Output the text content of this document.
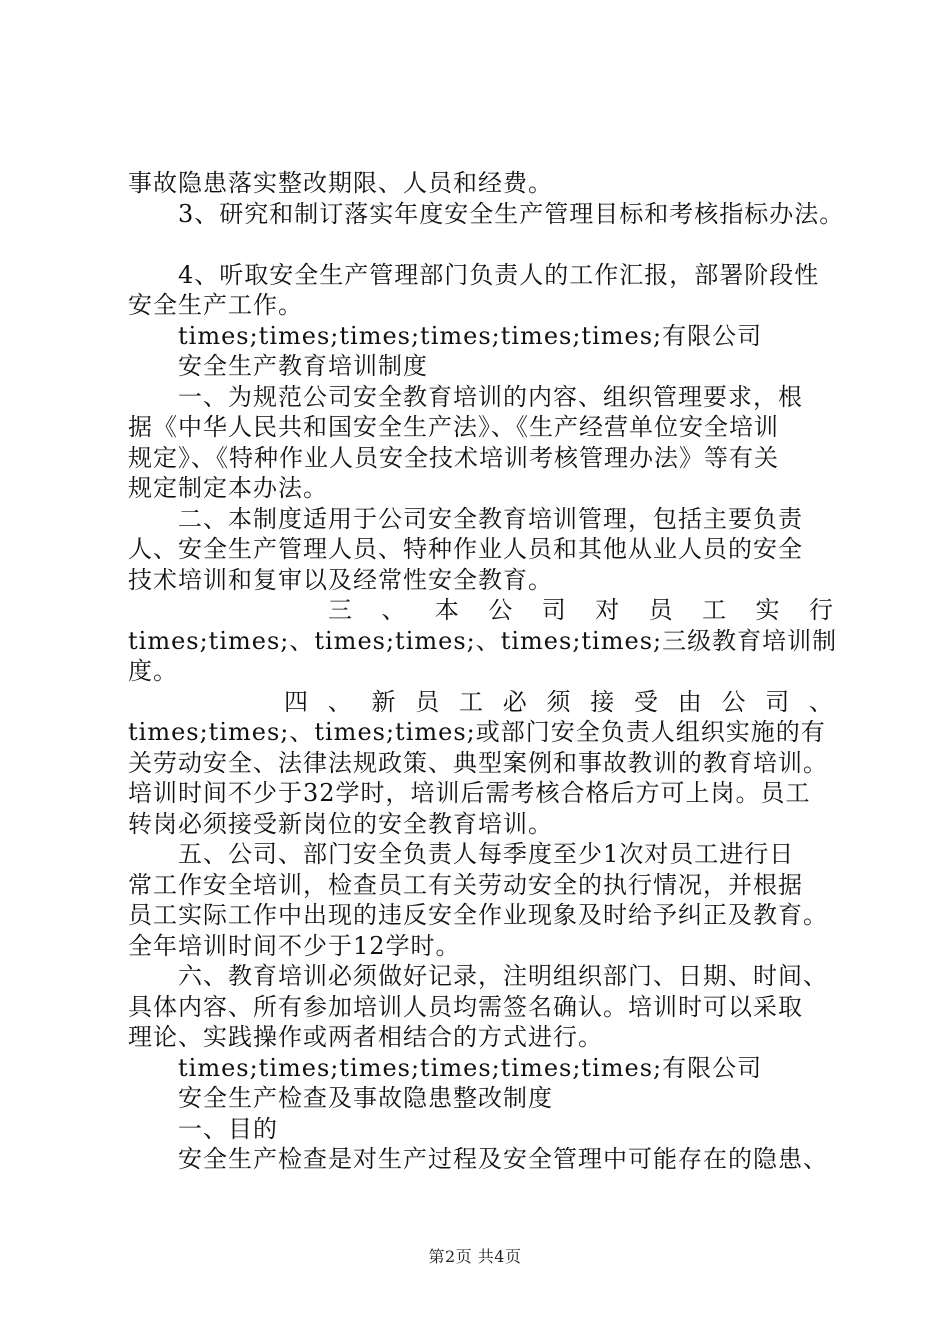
事故隐患落实整改期限、人员和经费。
3、研究和制订落实年度安全生产管理目标和考核指标办法。
4、听取安全生产管理部门负责人的工作汇报，部署阶段性
安全生产工作。
times;times;times;times;times;times;有限公司
安全生产教育培训制度
一、为规范公司安全教育培训的内容、组织管理要求，根
据《中华人民共和国安全生产法》、《生产经营单位安全培训
规定》、《特种作业人员安全技术培训考核管理办法》等有关
规定制定本办法。
二、本制度适用于公司安全教育培训管理，包括主要负责
人、安全生产管理人员、特种作业人员和其他从业人员的安全
技术培训和复审以及经常性安全教育。
三 、 本 公 司 对 员 工 实 行
times;times;、times;times;、times;times;三级教育培训制
度。
四 、 新 员 工 必 须 接 受 由 公 司 、
times;times;、times;times;或部门安全负责人组织实施的有
关劳动安全、法律法规政策、典型案例和事故教训的教育培训。
培训时间不少于32学时，培训后需考核合格后方可上岗。员工
转岗必须接受新岗位的安全教育培训。
五、公司、部门安全负责人每季度至少1次对员工进行日
常工作安全培训，检查员工有关劳动安全的执行情况，并根据
员工实际工作中出现的违反安全作业现象及时给予纠正及教育。
全年培训时间不少于12学时。
六、教育培训必须做好记录，注明组织部门、日期、时间、
具体内容、所有参加培训人员均需签名确认。培训时可以采取
理论、实践操作或两者相结合的方式进行。
times;times;times;times;times;times;有限公司
安全生产检查及事故隐患整改制度
一、目的
安全生产检查是对生产过程及安全管理中可能存在的隐患、
第2页 共4页
